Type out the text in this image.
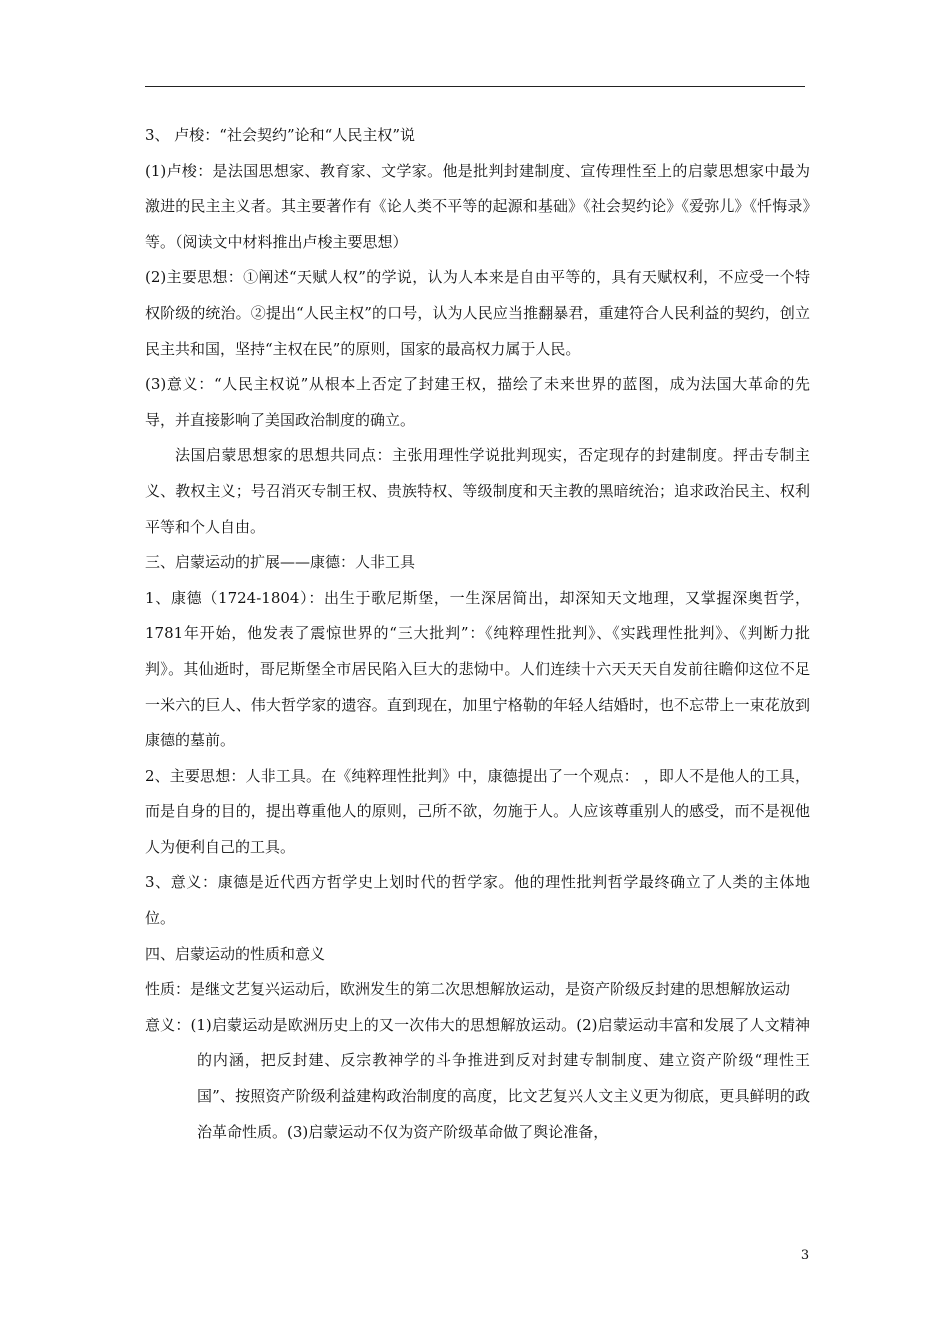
3、 卢梭：“社会契约”论和“人民主权”说

(1)卢梭：是法国思想家、教育家、文学家。他是批判封建制度、宣传理性至上的启蒙思想家中最为激进的民主主义者。其主要著作有《论人类不平等的起源和基础》《社会契约论》《爱弥儿》《忏悔录》等。（阅读文中材料推出卢梭主要思想）

(2)主要思想：①阐述“天赋人权”的学说，认为人本来是自由平等的，具有天赋权利，不应受一个特权阶级的统治。②提出“人民主权”的口号，认为人民应当推翻暴君，重建符合人民利益的契约，创立民主共和国，坚持“主权在民”的原则，国家的最高权力属于人民。

(3)意义：“人民主权说”从根本上否定了封建王权，描绘了未来世界的蓝图，成为法国大革命的先导，并直接影响了美国政治制度的确立。

法国启蒙思想家的思想共同点：主张用理性学说批判现实，否定现存的封建制度。抨击专制主义、教权主义；号召消灭专制王权、贵族特权、等级制度和天主教的黑暗统治；追求政治民主、权利平等和个人自由。

三、启蒙运动的扩展——康德：人非工具

1、康德（1724-1804）：出生于歌尼斯堡，一生深居简出，却深知天文地理，又掌握深奥哲学，1781年开始，他发表了震惊世界的“三大批判”：《纯粹理性批判》、《实践理性批判》、《判断力批判》。其仙逝时，哥尼斯堡全市居民陷入巨大的悲恸中。人们连续十六天天天自发前往瞻仰这位不足一米六的巨人、伟大哲学家的遗容。直到现在，加里宁格勒的年轻人结婚时，也不忘带上一束花放到康德的墓前。

2、主要思想：人非工具。在《纯粹理性批判》中，康德提出了一个观点： ，即人不是他人的工具，而是自身的目的，提出尊重他人的原则，己所不欲，勿施于人。人应该尊重别人的感受，而不是视他人为便利自己的工具。

3、意义：康德是近代西方哲学史上划时代的哲学家。他的理性批判哲学最终确立了人类的主体地位。

四、启蒙运动的性质和意义

性质：是继文艺复兴运动后，欧洲发生的第二次思想解放运动，是资产阶级反封建的思想解放运动

意义：(1)启蒙运动是欧洲历史上的又一次伟大的思想解放运动。(2)启蒙运动丰富和发展了人文精神的内涵，把反封建、反宗教神学的斗争推进到反对封建专制制度、建立资产阶级“理性王国”、按照资产阶级利益建构政治制度的高度，比文艺复兴人文主义更为彻底，更具鲜明的政治革命性质。(3)启蒙运动不仅为资产阶级革命做了舆论准备，

3
